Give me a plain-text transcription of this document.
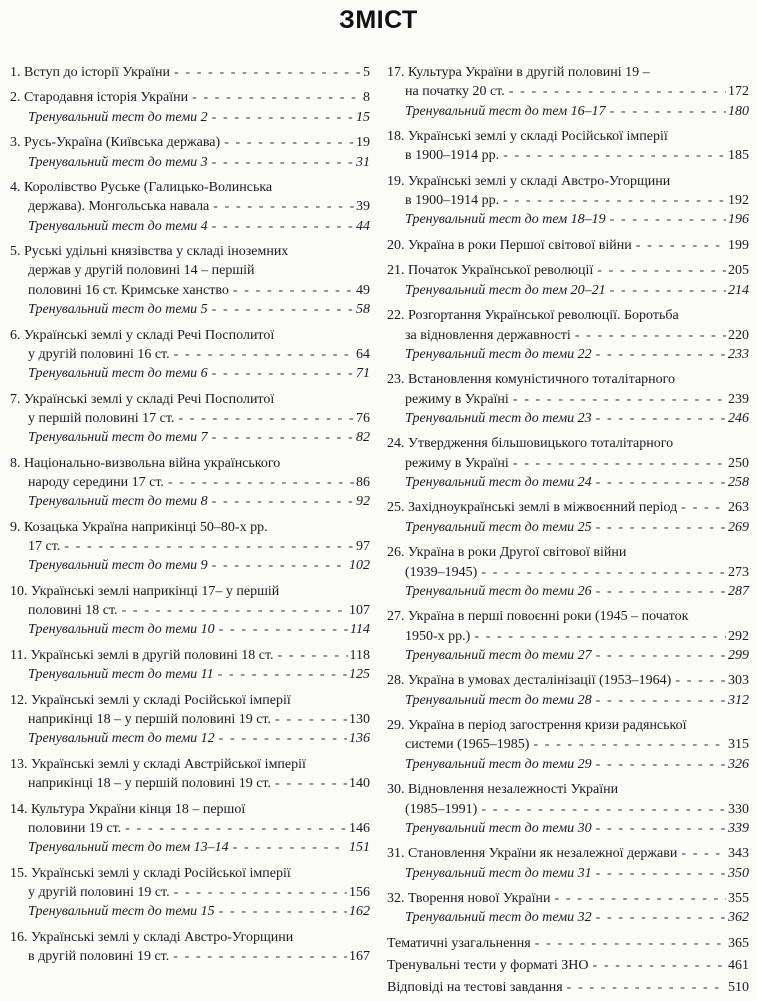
ЗМІСТ
1. Вступ до історії України - - -	5
2. Стародавня історія України - - -	8
Тренувальний тест до теми 2 - - -	15
3. Русь-Україна (Київська держава) - - -	19
Тренувальний тест до теми 3 - - -	31
4. Королівство Руське (Галицько-Волинська
держава). Монгольська навала - - -	39
Тренувальний тест до теми 4 - - -	44
5. Руські удільні князівства у складі іноземних
держав у другій половині 14 – першій
половині 16 ст. Кримське ханство - - -	49
Тренувальний тест до теми 5 - - -	58
6. Українські землі у складі Речі Посполитої
у другій половині 16 ст. - - -	64
Тренувальний тест до теми 6 - - -	71
7. Українські землі у складі Речі Посполитої
у першій половині 17 ст. - - -	76
Тренувальний тест до теми 7 - - -	82
8. Національно-визвольна війна українського
народу середини 17 ст. - - -	86
Тренувальний тест до теми 8 - - -	92
9. Козацька Україна наприкінці 50–80-х рр.
17 ст. - - -	97
Тренувальний тест до теми 9 - - -	102
10. Українські землі наприкінці 17– у першій
половині 18 ст. - - -	107
Тренувальний тест до теми 10 - - -	114
11. Українські землі в другій половині 18 ст. - - -	118
Тренувальний тест до теми 11 - - -	125
12. Українські землі у складі Російської імперії
наприкінці 18 – у першій половині 19 ст. - - -	130
Тренувальний тест до теми 12 - - -	136
13. Українські землі у складі Австрійської імперії
наприкінці 18 – у першій половині 19 ст. - - -	140
14. Культура України кінця 18 – першої
половини 19 ст. - - -	146
Тренувальний тест до тем 13–14 - - -	151
15. Українські землі у складі Російської імперії
у другій половині 19 ст. - - -	156
Тренувальний тест до теми 15 - - -	162
16. Українські землі у складі Австро-Угорщини
в другій половині 19 ст. - - -	167
17. Культура України в другій половині 19 –
на початку 20 ст. - - -	172
Тренувальний тест до тем 16–17 - - -	180
18. Українські землі у складі Російської імперії
в 1900–1914 рр. - - -	185
19. Українські землі у складі Австро-Угорщини
в 1900–1914 рр. - - -	192
Тренувальний тест до тем 18–19 - - -	196
20. Україна в роки Першої світової війни - - -	199
21. Початок Української революції - - -	205
Тренувальний тест до тем 20–21 - - -	214
22. Розгортання Української революції. Боротьба
за відновлення державності - - -	220
Тренувальний тест до теми 22 - - -	233
23. Встановлення комуністичного тоталітарного
режиму в Україні - - -	239
Тренувальний тест до теми 23 - - -	246
24. Утвердження більшовицького тоталітарного
режиму в Україні - - -	250
Тренувальний тест до теми 24 - - -	258
25. Західноукраїнські землі в міжвоєнний період - - -	263
Тренувальний тест до теми 25 - - -	269
26. Україна в роки Другої світової війни
(1939–1945) - - -	273
Тренувальний тест до теми 26 - - -	287
27. Україна в перші повоєнні роки (1945 – початок
1950-х рр.) - - -	292
Тренувальний тест до теми 27 - - -	299
28. Україна в умовах десталінізації (1953–1964) - - -	303
Тренувальний тест до теми 28 - - -	312
29. Україна в період загострення кризи радянської
системи (1965–1985) - - -	315
Тренувальний тест до теми 29 - - -	326
30. Відновлення незалежності України
(1985–1991) - - -	330
Тренувальний тест до теми 30 - - -	339
31. Становлення України як незалежної держави - - -	343
Тренувальний тест до теми 31 - - -	350
32. Творення нової України - - -	355
Тренувальний тест до теми 32 - - -	362
Тематичні узагальнення - - -	365
Тренувальні тести у форматі ЗНО - - -	461
Відповіді на тестові завдання - - -	510
